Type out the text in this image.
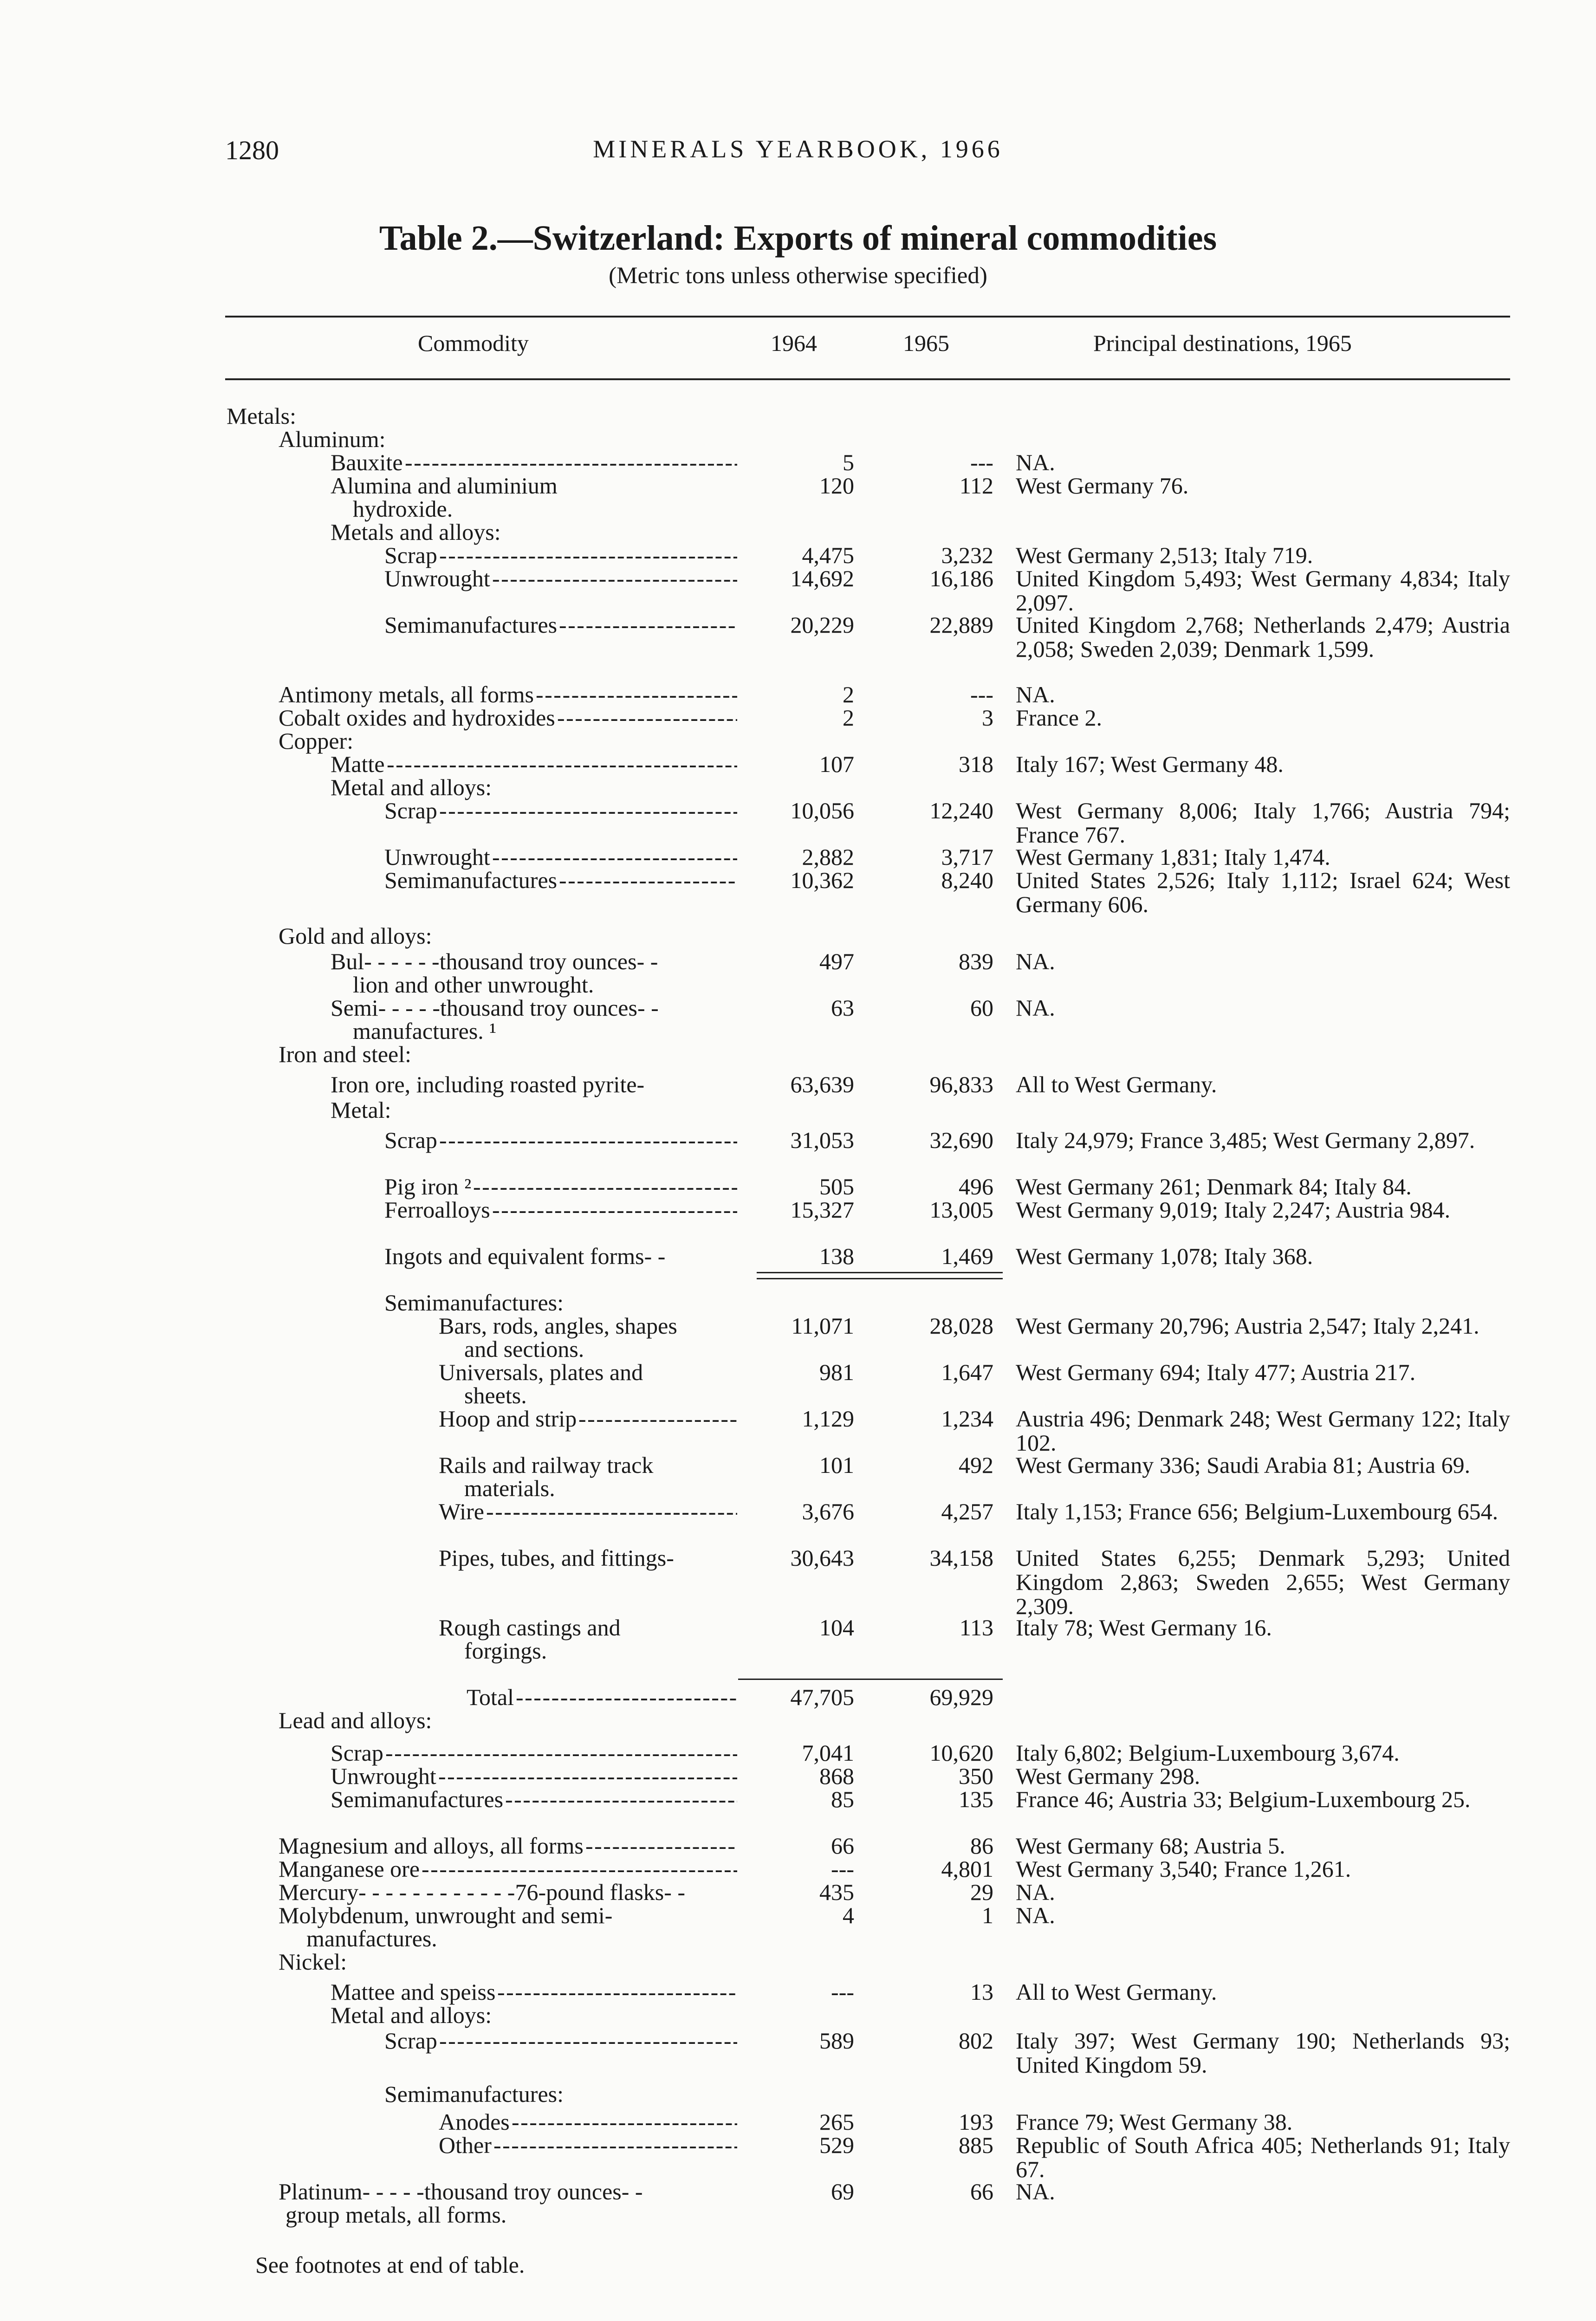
1280	MINERALS YEARBOOK, 1966
Table 2.—Switzerland: Exports of mineral commodities
(Metric tons unless otherwise specified)
Commodity	1964	1965	Principal destinations, 1965
Metals:
Aluminum:
Bauxite - - -	5	--- NA.
Alumina and aluminium	120	112 West Germany 76.
hydroxide.
Metals and alloys:
Scrap - - -	4,475	3,232 West Germany 2,513; Italy 719.
Unwrought - - -	14,692	16,186 United Kingdom 5,493; West Germany 4,834; Italy 2,097.
Semimanufactures - - -	20,229	22,889 United Kingdom 2,768; Netherlands 2,479; Austria 2,058; Sweden 2,039; Denmark 1,599.
Antimony metals, all forms - - -	2	--- NA.
Cobalt oxides and hydroxides - - -	2	3 France 2.
Copper:
Matte - - -	107	318 Italy 167; West Germany 48.
Metal and alloys:
Scrap - - -	10,056	12,240 West Germany 8,006; Italy 1,766; Austria 794; France 767.
Unwrought - - -	2,882	3,717 West Germany 1,831; Italy 1,474.
Semimanufactures - - -	10,362	8,240 United States 2,526; Italy 1,112; Israel 624; West Germany 606.
Gold and alloys:
Bul- - - - - -thousand troy ounces- -	497	839 NA.
lion and other unwrought.
Semi- - - - -thousand troy ounces- -	63	60 NA.
manufactures. ¹
Iron and steel:
Iron ore, including roasted pyrite-	63,639	96,833 All to West Germany.
Metal:
Scrap - - -	31,053	32,690 Italy 24,979; France 3,485; West Germany 2,897.
Pig iron ² - - -	505	496 West Germany 261; Denmark 84; Italy 84.
Ferroalloys - - -	15,327	13,005 West Germany 9,019; Italy 2,247; Austria 984.
Ingots and equivalent forms- -	138	1,469 West Germany 1,078; Italy 368.
Semimanufactures:
Bars, rods, angles, shapes	11,071	28,028 West Germany 20,796; Austria 2,547; Italy 2,241.
and sections.
Universals, plates and	981	1,647 West Germany 694; Italy 477; Austria 217.
sheets.
Hoop and strip - - -	1,129	1,234 Austria 496; Denmark 248; West Germany 122; Italy 102.
Rails and railway track	101	492 West Germany 336; Saudi Arabia 81; Austria 69.
materials.
Wire - - -	3,676	4,257 Italy 1,153; France 656; Belgium-Luxembourg 654.
Pipes, tubes, and fittings-	30,643	34,158 United States 6,255; Denmark 5,293; United Kingdom 2,863; Sweden 2,655; West Germany 2,309.
Rough castings and	104	113 Italy 78; West Germany 16.
forgings.
Total - - -	47,705	69,929
Lead and alloys:
Scrap - - -	7,041	10,620 Italy 6,802; Belgium-Luxembourg 3,674.
Unwrought - - -	868	350 West Germany 298.
Semimanufactures - - -	85	135 France 46; Austria 33; Belgium-Luxembourg 25.
Magnesium and alloys, all forms - - -	66	86 West Germany 68; Austria 5.
Manganese ore - - -	---	4,801 West Germany 3,540; France 1,261.
Mercury- - - - - - - - - - - -76-pound flasks- -	435	29 NA.
Molybdenum, unwrought and semi-	4	1 NA.
manufactures.
Nickel:
Mattee and speiss - - -	---	13 All to West Germany.
Metal and alloys:
Scrap - - -	589	802 Italy 397; West Germany 190; Netherlands 93; United Kingdom 59.
Semimanufactures:
Anodes - - -	265	193 France 79; West Germany 38.
Other - - -	529	885 Republic of South Africa 405; Netherlands 91; Italy 67.
Platinum- - - - -thousand troy ounces- -	69	66 NA.
group metals, all forms.
See footnotes at end of table.
